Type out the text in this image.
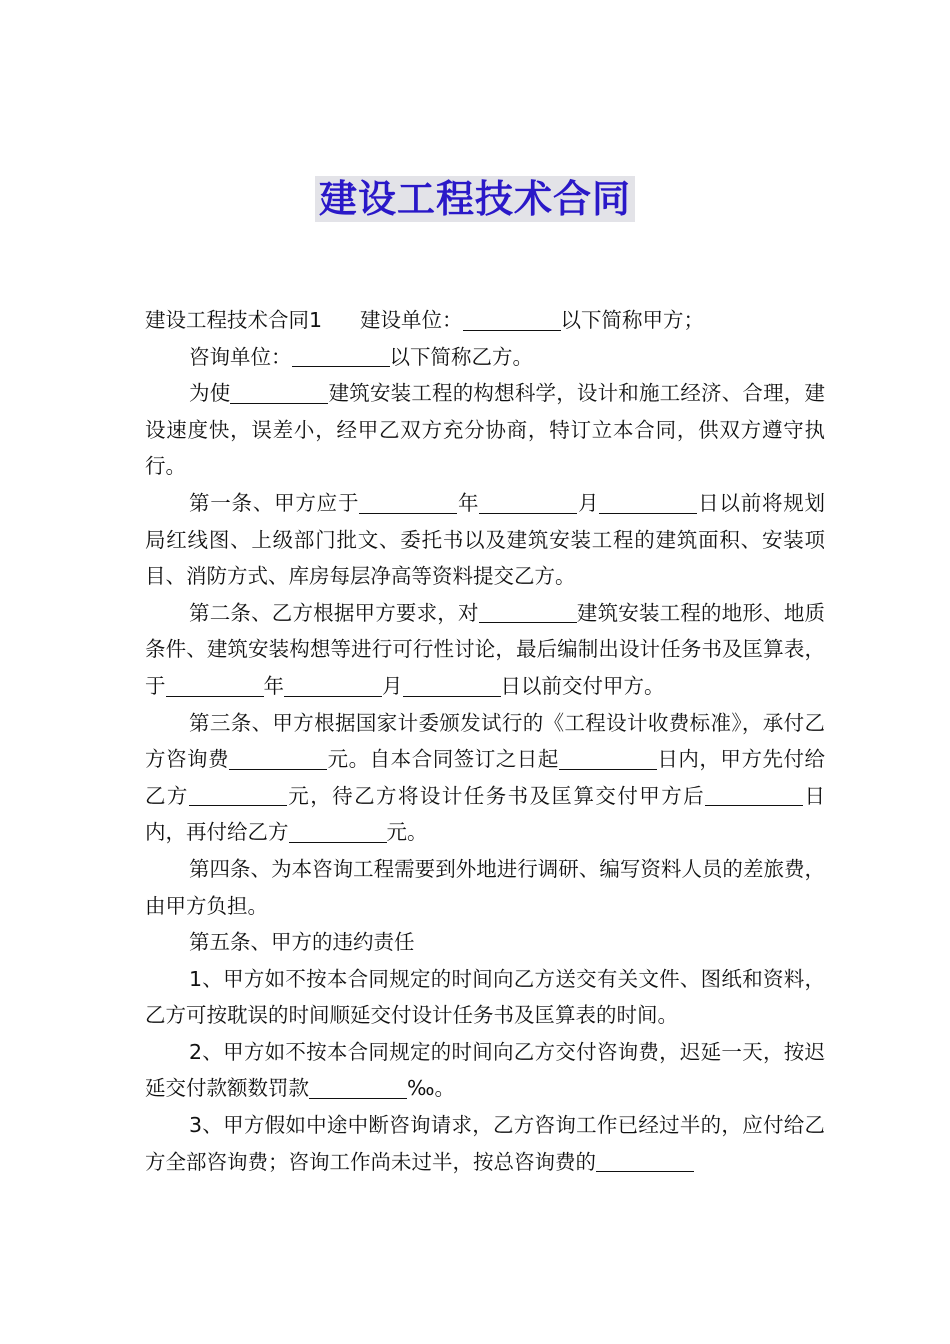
建设工程技术合同

建设工程技术合同1 建设单位：	以下简称甲方；

咨询单位：	以下简称乙方。

为使	建筑安装工程的构想科学，设计和施工经济、合理，建设速度快，误差小，经甲乙双方充分协商，特订立本合同，供双方遵守执行。

第一条、甲方应于	年	月	日以前将规划局红线图、上级部门批文、委托书以及建筑安装工程的建筑面积、安装项目、消防方式、库房每层净高等资料提交乙方。

第二条、乙方根据甲方要求，对	建筑安装工程的地形、地质条件、建筑安装构想等进行可行性讨论，最后编制出设计任务书及匡算表，于	年	月	日以前交付甲方。

第三条、甲方根据国家计委颁发试行的《工程设计收费标准》，承付乙方咨询费	元。自本合同签订之日起	日内，甲方先付给乙方	元，待乙方将设计任务书及匡算交付甲方后	日内，再付给乙方	元。

第四条、为本咨询工程需要到外地进行调研、编写资料人员的差旅费，由甲方负担。

第五条、甲方的违约责任

1、甲方如不按本合同规定的时间向乙方送交有关文件、图纸和资料，乙方可按耽误的时间顺延交付设计任务书及匡算表的时间。

2、甲方如不按本合同规定的时间向乙方交付咨询费，迟延一天，按迟延交付款额数罚款	‰。

3、甲方假如中途中断咨询请求，乙方咨询工作已经过半的，应付给乙方全部咨询费；咨询工作尚未过半，按总咨询费的
